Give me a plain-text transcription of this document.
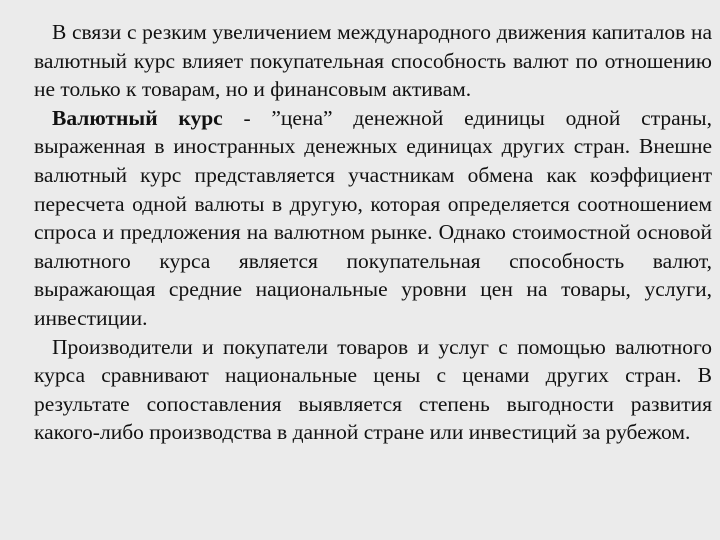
В связи с резким увеличением международного движения капиталов на валютный курс влияет покупательная способность валют по отношению не только к товарам, но и финансовым активам.

Валютный курс - ”цена” денежной единицы одной страны, выраженная в иностранных денежных единицах других стран. Внешне валютный курс представляется участникам обмена как коэффициент пересчета одной валюты в другую, которая определяется соотношением спроса и предложения на валютном рынке. Однако стоимостной основой валютного курса является покупательная способность валют, выражающая средние национальные уровни цен на товары, услуги, инвестиции.

Производители и покупатели товаров и услуг с помощью валютного курса сравнивают национальные цены с ценами других стран. В результате сопоставления выявляется степень выгодности развития какого-либо производства в данной стране или инвестиций за рубежом.
